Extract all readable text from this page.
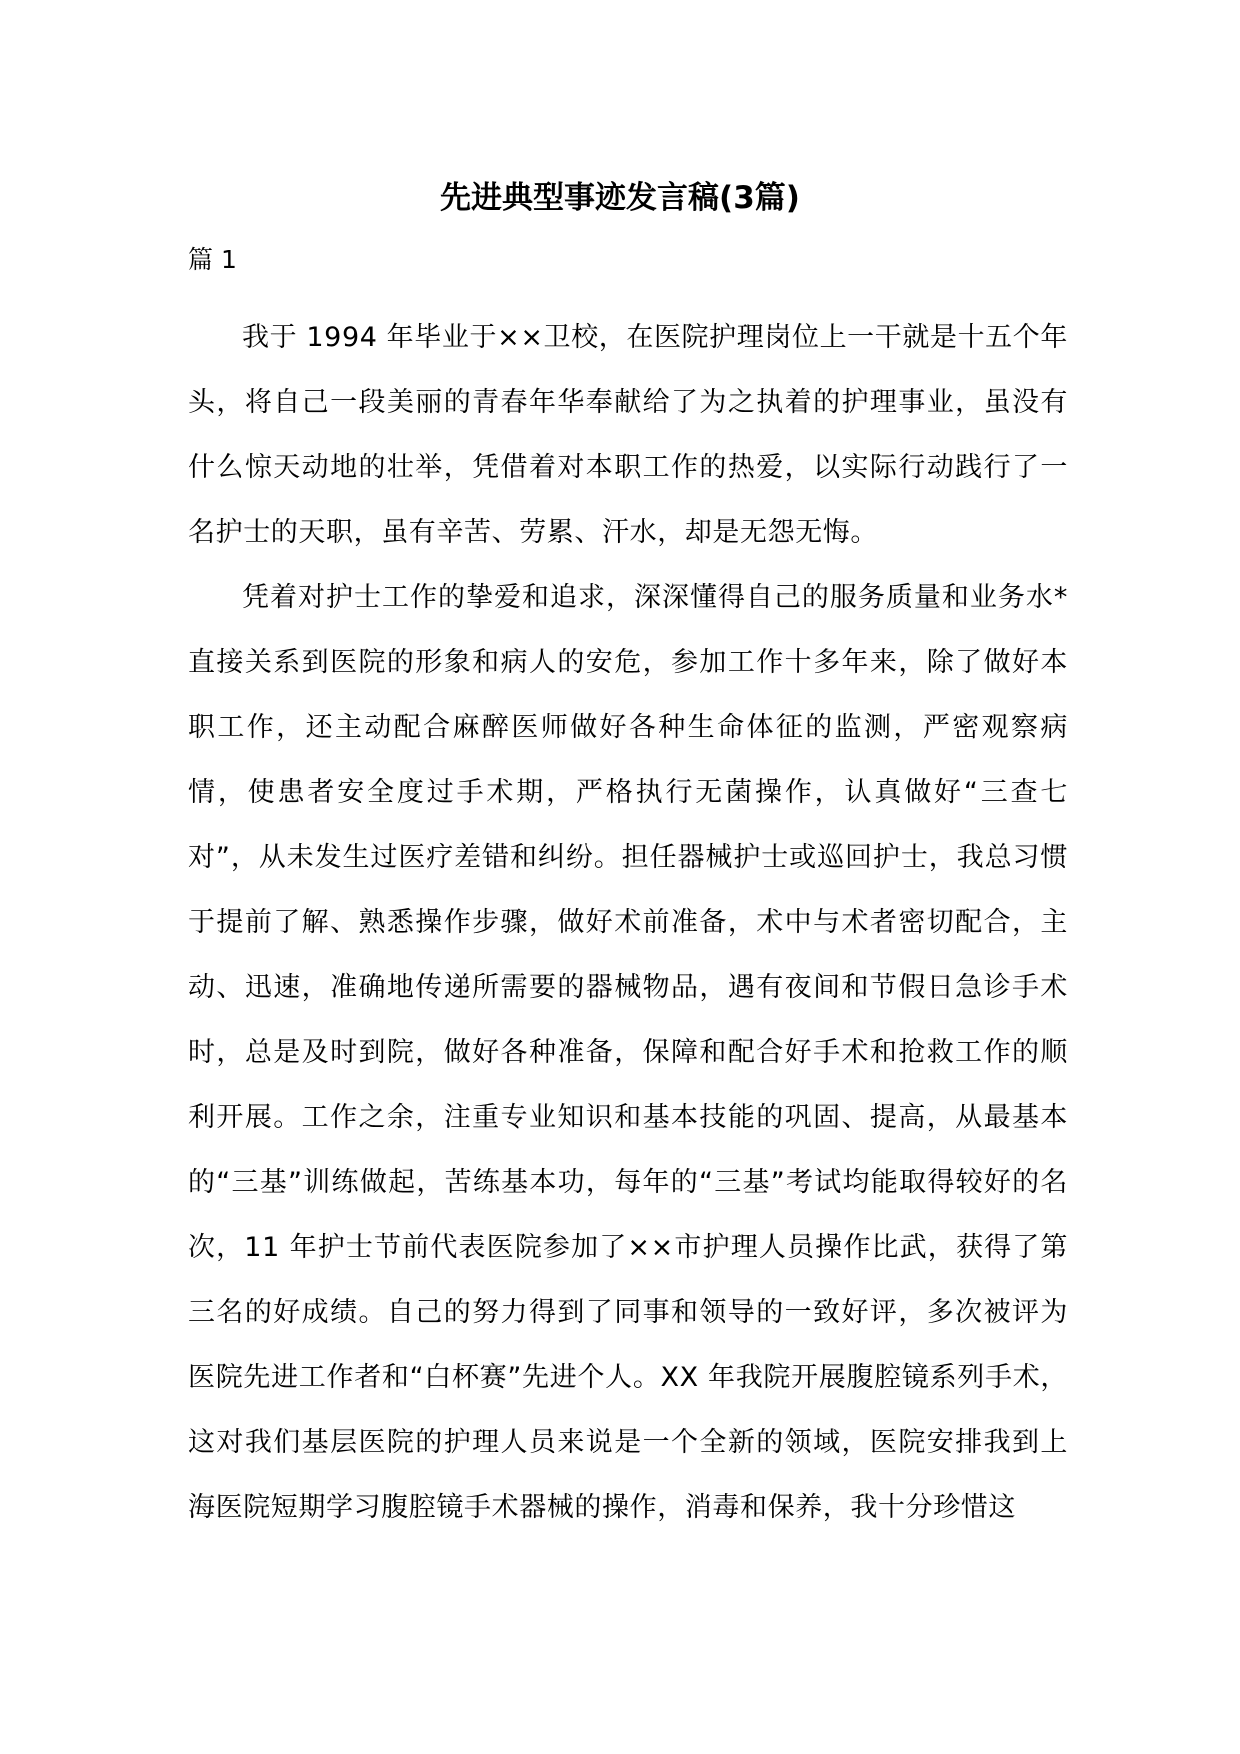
先进典型事迹发言稿(3篇)
篇 1

我于 1994 年毕业于××卫校，在医院护理岗位上一干就是十五个年头，将自己一段美丽的青春年华奉献给了为之执着的护理事业，虽没有什么惊天动地的壮举，凭借着对本职工作的热爱，以实际行动践行了一名护士的天职，虽有辛苦、劳累、汗水，却是无怨无悔。

凭着对护士工作的挚爱和追求，深深懂得自己的服务质量和业务水*直接关系到医院的形象和病人的安危，参加工作十多年来，除了做好本职工作，还主动配合麻醉医师做好各种生命体征的监测，严密观察病情，使患者安全度过手术期，严格执行无菌操作，认真做好“三查七对”，从未发生过医疗差错和纠纷。担任器械护士或巡回护士，我总习惯于提前了解、熟悉操作步骤，做好术前准备，术中与术者密切配合，主动、迅速，准确地传递所需要的器械物品，遇有夜间和节假日急诊手术时，总是及时到院，做好各种准备，保障和配合好手术和抢救工作的顺利开展。工作之余，注重专业知识和基本技能的巩固、提高，从最基本的“三基”训练做起，苦练基本功，每年的“三基”考试均能取得较好的名次，11 年护士节前代表医院参加了××市护理人员操作比武，获得了第三名的好成绩。自己的努力得到了同事和领导的一致好评，多次被评为医院先进工作者和“白杯赛”先进个人。XX 年我院开展腹腔镜系列手术，这对我们基层医院的护理人员来说是一个全新的领域，医院安排我到上海医院短期学习腹腔镜手术器械的操作，消毒和保养，我十分珍惜这
